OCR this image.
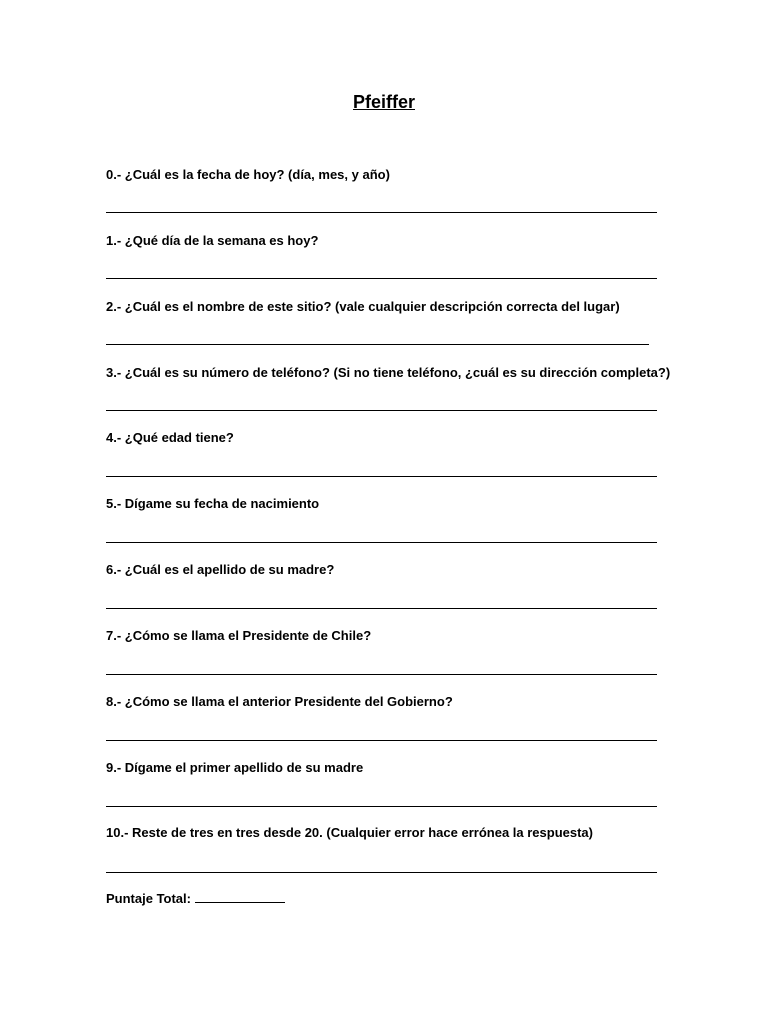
Pfeiffer
0.- ¿Cuál es la fecha de hoy? (día, mes, y año)
1.- ¿Qué día de la semana es hoy?
2.- ¿Cuál es el nombre de este sitio? (vale cualquier descripción correcta del lugar)
3.- ¿Cuál es su número de teléfono? (Si no tiene teléfono, ¿cuál es su dirección completa?)
4.- ¿Qué edad tiene?
5.- Dígame su fecha de nacimiento
6.- ¿Cuál es el apellido de su madre?
7.- ¿Cómo se llama el Presidente de Chile?
8.- ¿Cómo se llama el anterior Presidente del Gobierno?
9.- Dígame el primer apellido de su madre
10.- Reste de tres en tres desde 20. (Cualquier error hace errónea la respuesta)
Puntaje Total:
